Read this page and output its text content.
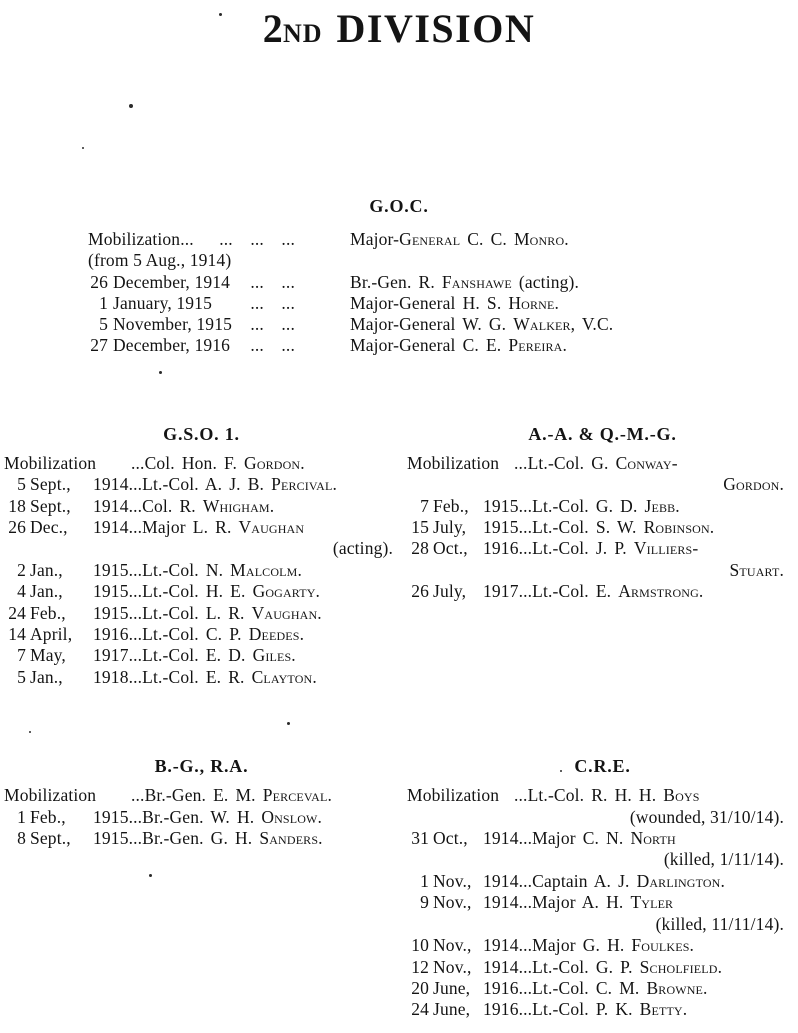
2ND DIVISION
G.O.C.
Mobilization... ... ... ...	Major-General C. C. Monro.
(from 5 Aug., 1914)
26 December, 1914 ... ...	Br.-Gen. R. Fanshawe (acting).
1 January, 1915 ... ...	Major-General H. S. Horne.
5 November, 1915 ... ...	Major-General W. G. Walker, V.C.
27 December, 1916 ... ...	Major-General C. E. Pereira.
G.S.O. 1.
Mobilization	...Col. Hon. F. Gordon.
5 Sept.,	1914 ...Lt.-Col. A. J. B. Percival.
18 Sept.,	1914 ...Col. R. Whigham.
26 Dec.,	1914 ...Major L. R. Vaughan
(acting).
2 Jan.,	1915 ...Lt.-Col. N. Malcolm.
4 Jan.,	1915 ...Lt.-Col. H. E. Gogarty.
24 Feb.,	1915 ...Lt.-Col. L. R. Vaughan.
14 April,	1916 ...Lt.-Col. C. P. Deedes.
7 May,	1917 ...Lt.-Col. E. D. Giles.
5 Jan.,	1918 ...Lt.-Col. E. R. Clayton.
A.-A. & Q.-M.-G.
Mobilization ...Lt.-Col. G. Conway-
Gordon.
7 Feb., 1915 ...Lt.-Col. G. D. Jebb.
15 July, 1915 ...Lt.-Col. S. W. Robinson.
28 Oct., 1916 ...Lt.-Col. J. P. Villiers-
Stuart.
26 July, 1917 ...Lt.-Col. E. Armstrong.
B.-G., R.A.
Mobilization	...Br.-Gen. E. M. Perceval.
1 Feb.,	1915 ...Br.-Gen. W. H. Onslow.
8 Sept.,	1915 ...Br.-Gen. G. H. Sanders.
C.R.E.
Mobilization ...Lt.-Col. R. H. H. Boys
(wounded, 31/10/14).
31 Oct., 1914 ...Major C. N. North
(killed, 1/11/14).
1 Nov., 1914 ...Captain A. J. Darlington.
9 Nov., 1914 ...Major A. H. Tyler
(killed, 11/11/14).
10 Nov., 1914 ...Major G. H. Foulkes.
12 Nov., 1914 ...Lt.-Col. G. P. Scholfield.
20 June, 1916 ...Lt.-Col. C. M. Browne.
24 June, 1916 ...Lt.-Col. P. K. Betty.
